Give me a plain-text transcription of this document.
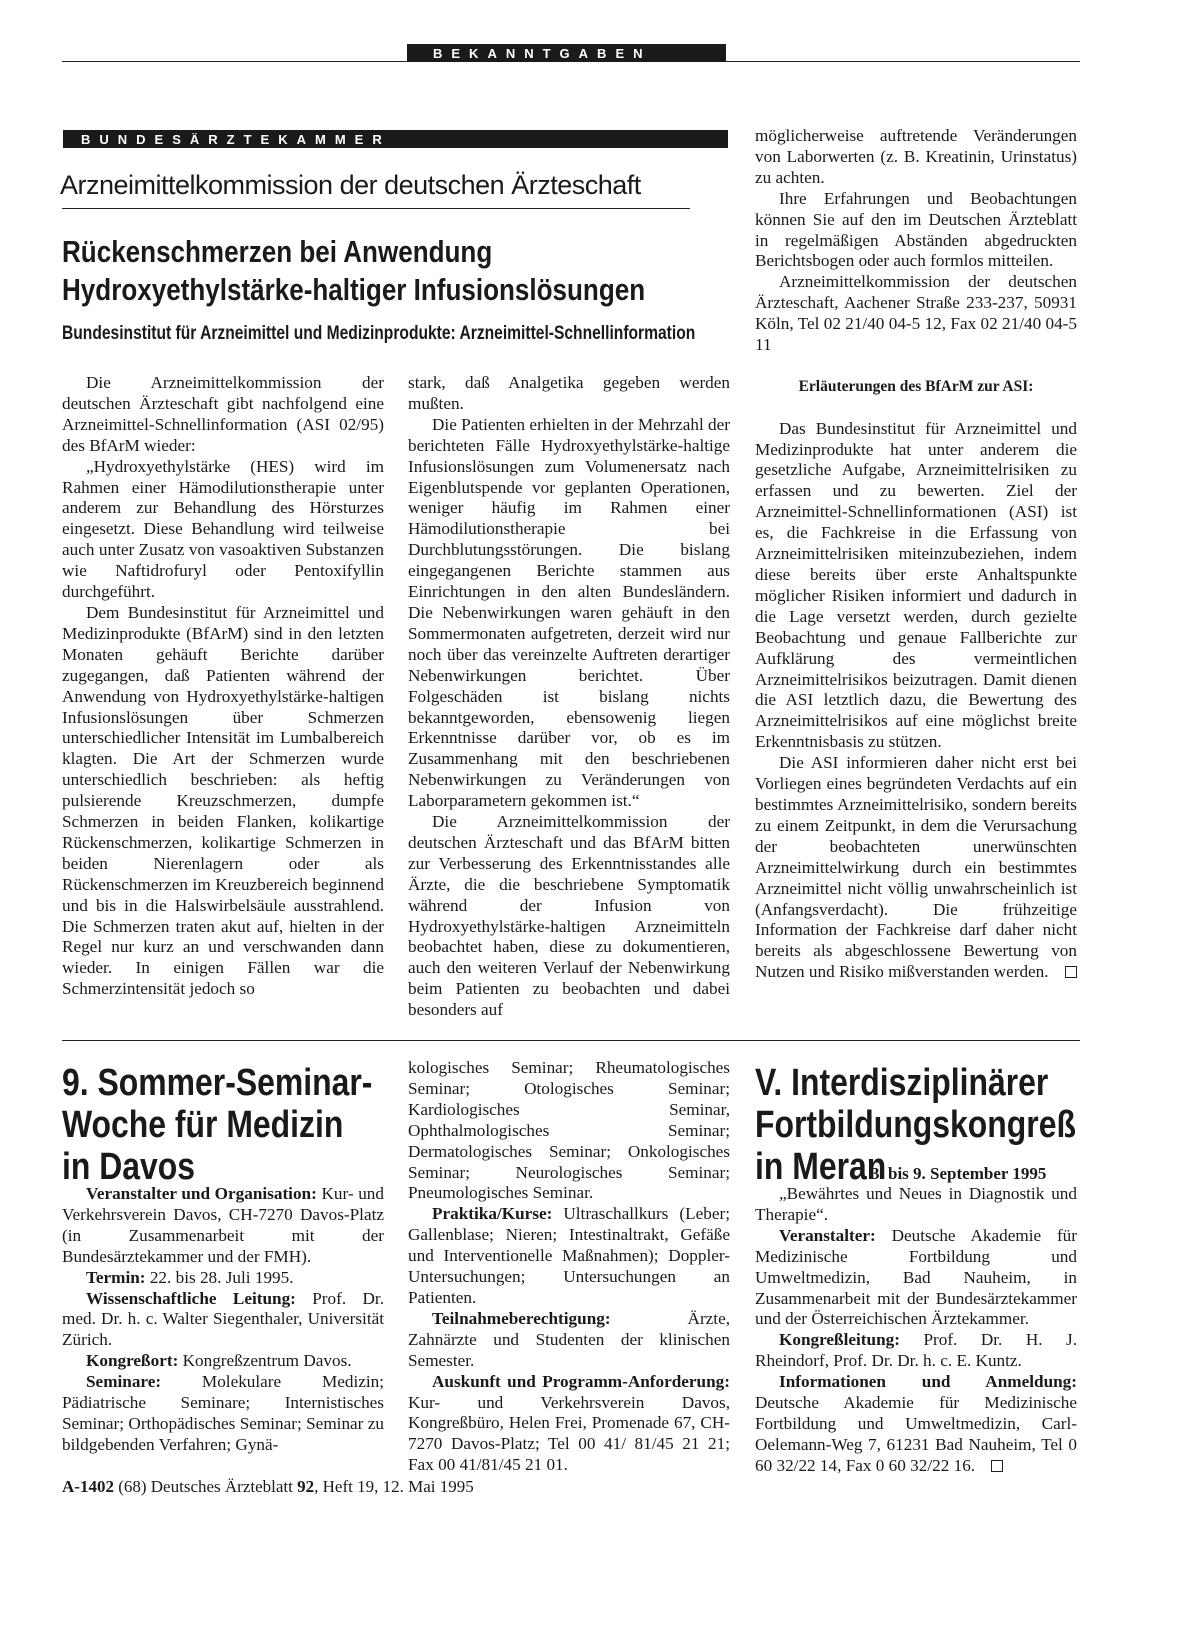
BEKANNTGABEN
BUNDESÄRZTEKAMMER
Arzneimittelkommission der deutschen Ärzteschaft
Rückenschmerzen bei Anwendung
Hydroxyethylstärke-haltiger Infusionslösungen
Bundesinstitut für Arzneimittel und Medizinprodukte: Arzneimittel-Schnellinformation

Die Arzneimittelkommission der deutschen Ärzteschaft gibt nachfolgend eine Arzneimittel-Schnellinformation (ASI 02/95) des BfArM wieder:

„Hydroxyethylstärke (HES) wird im Rahmen einer Hämodilutionstherapie unter anderem zur Behandlung des Hörsturzes eingesetzt. Diese Behandlung wird teilweise auch unter Zusatz von vasoaktiven Substanzen wie Naftidrofuryl oder Pentoxifyllin durchgeführt.

Dem Bundesinstitut für Arzneimittel und Medizinprodukte (BfArM) sind in den letzten Monaten gehäuft Berichte darüber zugegangen, daß Patienten während der Anwendung von Hydroxyethylstärke-haltigen Infusionslösungen über Schmerzen unterschiedlicher Intensität im Lumbalbereich klagten. Die Art der Schmerzen wurde unterschiedlich beschrieben: als heftig pulsierende Kreuzschmerzen, dumpfe Schmerzen in beiden Flanken, kolikartige Rückenschmerzen, kolikartige Schmerzen in beiden Nierenlagern oder als Rückenschmerzen im Kreuzbereich beginnend und bis in die Halswirbelsäule ausstrahlend. Die Schmerzen traten akut auf, hielten in der Regel nur kurz an und verschwanden dann wieder. In einigen Fällen war die Schmerzintensität jedoch so

stark, daß Analgetika gegeben werden mußten.

Die Patienten erhielten in der Mehrzahl der berichteten Fälle Hydroxyethylstärke-haltige Infusionslösungen zum Volumenersatz nach Eigenblutspende vor geplanten Operationen, weniger häufig im Rahmen einer Hämodilutionstherapie bei Durchblutungsstörungen. Die bislang eingegangenen Berichte stammen aus Einrichtungen in den alten Bundesländern. Die Nebenwirkungen waren gehäuft in den Sommermonaten aufgetreten, derzeit wird nur noch über das vereinzelte Auftreten derartiger Nebenwirkungen berichtet. Über Folgeschäden ist bislang nichts bekanntgeworden, ebensowenig liegen Erkenntnisse darüber vor, ob es im Zusammenhang mit den beschriebenen Nebenwirkungen zu Veränderungen von Laborparametern gekommen ist.“

Die Arzneimittelkommission der deutschen Ärzteschaft und das BfArM bitten zur Verbesserung des Erkenntnisstandes alle Ärzte, die die beschriebene Symptomatik während der Infusion von Hydroxyethylstärke-haltigen Arzneimitteln beobachtet haben, diese zu dokumentieren, auch den weiteren Verlauf der Nebenwirkung beim Patienten zu beobachten und dabei besonders auf

möglicherweise auftretende Veränderungen von Laborwerten (z. B. Kreatinin, Urinstatus) zu achten.

Ihre Erfahrungen und Beobachtungen können Sie auf den im Deutschen Ärzteblatt in regelmäßigen Abständen abgedruckten Berichtsbogen oder auch formlos mitteilen.

Arzneimittelkommission der deutschen Ärzteschaft, Aachener Straße 233-237, 50931 Köln, Tel 02 21/40 04-5 12, Fax 02 21/40 04-5 11

Erläuterungen des BfArM zur ASI:

Das Bundesinstitut für Arzneimittel und Medizinprodukte hat unter anderem die gesetzliche Aufgabe, Arzneimittelrisiken zu erfassen und zu bewerten. Ziel der Arzneimittel-Schnellinformationen (ASI) ist es, die Fachkreise in die Erfassung von Arzneimittelrisiken miteinzubeziehen, indem diese bereits über erste Anhaltspunkte möglicher Risiken informiert und dadurch in die Lage versetzt werden, durch gezielte Beobachtung und genaue Fallberichte zur Aufklärung des vermeintlichen Arzneimittelrisikos beizutragen. Damit dienen die ASI letztlich dazu, die Bewertung des Arzneimittelrisikos auf eine möglichst breite Erkenntnisbasis zu stützen.

Die ASI informieren daher nicht erst bei Vorliegen eines begründeten Verdachts auf ein bestimmtes Arzneimittelrisiko, sondern bereits zu einem Zeitpunkt, in dem die Verursachung der beobachteten unerwünschten Arzneimittelwirkung durch ein bestimmtes Arzneimittel nicht völlig unwahrscheinlich ist (Anfangsverdacht). Die frühzeitige Information der Fachkreise darf daher nicht bereits als abgeschlossene Bewertung von Nutzen und Risiko mißverstanden werden.

9. Sommer-Seminar-
Woche für Medizin
in Davos

Veranstalter und Organisation: Kur- und Verkehrsverein Davos, CH-7270 Davos-Platz (in Zusammenarbeit mit der Bundesärztekammer und der FMH).

Termin: 22. bis 28. Juli 1995.

Wissenschaftliche Leitung: Prof. Dr. med. Dr. h. c. Walter Siegenthaler, Universität Zürich.

Kongreßort: Kongreßzentrum Davos.

Seminare: Molekulare Medizin; Pädiatrische Seminare; Internistisches Seminar; Orthopädisches Seminar; Seminar zu bildgebenden Verfahren; Gynä-

kologisches Seminar; Rheumatologisches Seminar; Otologisches Seminar; Kardiologisches Seminar, Ophthalmologisches Seminar; Dermatologisches Seminar; Onkologisches Seminar; Neurologisches Seminar; Pneumologisches Seminar.

Praktika/Kurse: Ultraschallkurs (Leber; Gallenblase; Nieren; Intestinaltrakt, Gefäße und Interventionelle Maßnahmen); Doppler-Untersuchungen; Untersuchungen an Patienten.

Teilnahmeberechtigung: Ärzte, Zahnärzte und Studenten der klinischen Semester.

Auskunft und Programm-Anforderung: Kur- und Verkehrsverein Davos, Kongreßbüro, Helen Frei, Promenade 67, CH-7270 Davos-Platz; Tel 00 41/ 81/45 21 21; Fax 00 41/81/45 21 01.

V. Interdisziplinärer
Fortbildungskongreß
in Meran3. bis 9. September 1995

„Bewährtes und Neues in Diagnostik und Therapie“.

Veranstalter: Deutsche Akademie für Medizinische Fortbildung und Umweltmedizin, Bad Nauheim, in Zusammenarbeit mit der Bundesärztekammer und der Österreichischen Ärztekammer.

Kongreßleitung: Prof. Dr. H. J. Rheindorf, Prof. Dr. Dr. h. c. E. Kuntz.

Informationen und Anmeldung: Deutsche Akademie für Medizinische Fortbildung und Umweltmedizin, Carl-Oelemann-Weg 7, 61231 Bad Nauheim, Tel 0 60 32/22 14, Fax 0 60 32/22 16.

A-1402 (68) Deutsches Ärzteblatt 92, Heft 19, 12. Mai 1995
